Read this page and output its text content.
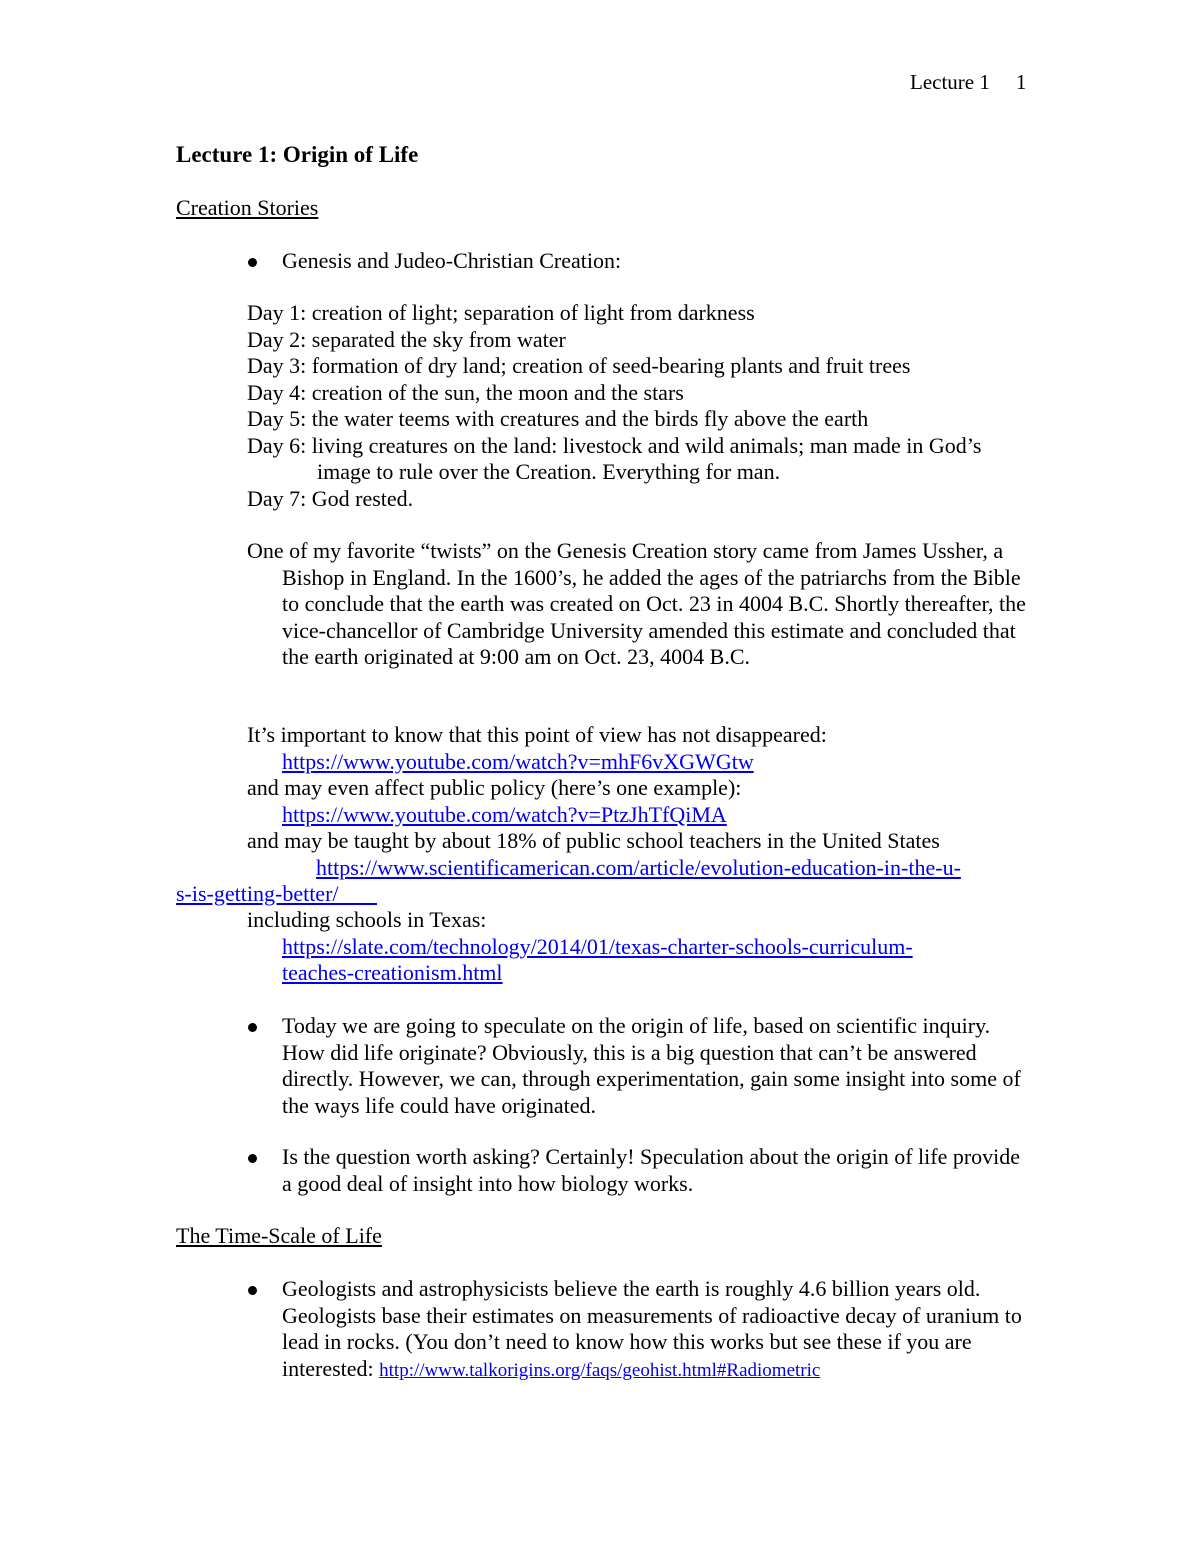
Lecture 1 1
Lecture 1: Origin of Life
Creation Stories
Genesis and Judeo-Christian Creation:
Day 1: creation of light; separation of light from darkness
Day 2: separated the sky from water
Day 3: formation of dry land; creation of seed-bearing plants and fruit trees
Day 4: creation of the sun, the moon and the stars
Day 5: the water teems with creatures and the birds fly above the earth
Day 6: living creatures on the land: livestock and wild animals; man made in God’s image to rule over the Creation. Everything for man.
Day 7: God rested.
One of my favorite “twists” on the Genesis Creation story came from James Ussher, a Bishop in England. In the 1600’s, he added the ages of the patriarchs from the Bible to conclude that the earth was created on Oct. 23 in 4004 B.C. Shortly thereafter, the vice-chancellor of Cambridge University amended this estimate and concluded that the earth originated at 9:00 am on Oct. 23, 4004 B.C.
It’s important to know that this point of view has not disappeared:
https://www.youtube.com/watch?v=mhF6vXGWGtw
and may even affect public policy (here’s one example):
https://www.youtube.com/watch?v=PtzJhTfQiMA
and may be taught by about 18% of public school teachers in the United States
https://www.scientificamerican.com/article/evolution-education-in-the-u-
s-is-getting-better/
including schools in Texas:
https://slate.com/technology/2014/01/texas-charter-schools-curriculum-
teaches-creationism.html
Today we are going to speculate on the origin of life, based on scientific inquiry. How did life originate? Obviously, this is a big question that can’t be answered directly. However, we can, through experimentation, gain some insight into some of the ways life could have originated.
Is the question worth asking? Certainly! Speculation about the origin of life provide a good deal of insight into how biology works.
The Time-Scale of Life
Geologists and astrophysicists believe the earth is roughly 4.6 billion years old. Geologists base their estimates on measurements of radioactive decay of uranium to lead in rocks. (You don’t need to know how this works but see these if you are interested: http://www.talkorigins.org/faqs/geohist.html#Radiometric
